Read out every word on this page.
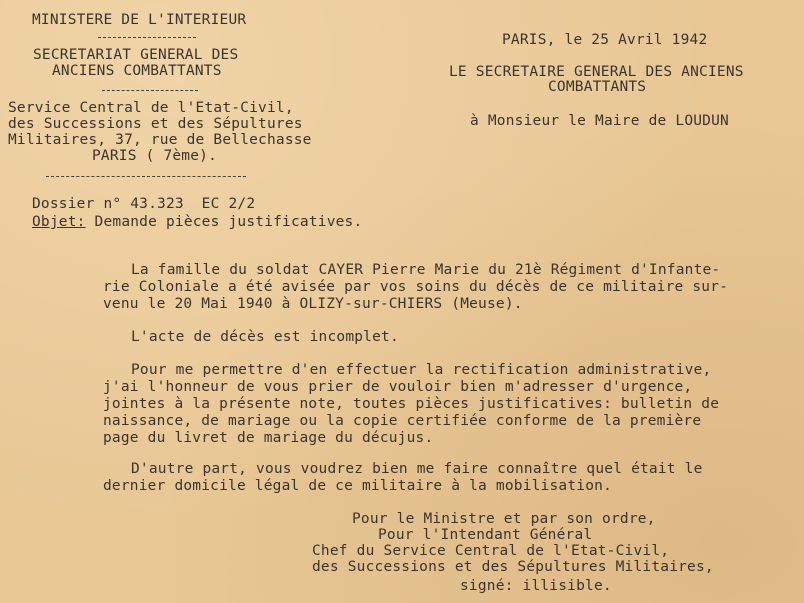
MINISTERE DE L'INTERIEUR
SECRETARIAT GENERAL DES
ANCIENS COMBATTANTS
Service Central de l'Etat-Civil,
des Successions et des Sépultures
Militaires, 37, rue de Bellechasse
PARIS ( 7ème).
PARIS, le 25 Avril 1942
LE SECRETAIRE GENERAL DES ANCIENS
COMBATTANTS
à Monsieur le Maire de LOUDUN
Dossier n° 43.323  EC 2/2
Objet: Demande pièces justificatives.
La famille du soldat CAYER Pierre Marie du 21è Régiment d'Infante-
rie Coloniale a été avisée par vos soins du décès de ce militaire sur-
venu le 20 Mai 1940 à OLIZY-sur-CHIERS (Meuse).
L'acte de décès est incomplet.
Pour me permettre d'en effectuer la rectification administrative,
j'ai l'honneur de vous prier de vouloir bien m'adresser d'urgence,
jointes à la présente note, toutes pièces justificatives: bulletin de
naissance, de mariage ou la copie certifiée conforme de la première
page du livret de mariage du décujus.
D'autre part, vous voudrez bien me faire connaître quel était le
dernier domicile légal de ce militaire à la mobilisation.
Pour le Ministre et par son ordre,
Pour l'Intendant Général
Chef du Service Central de l'Etat-Civil,
des Successions et des Sépultures Militaires,
signé: illisible.
